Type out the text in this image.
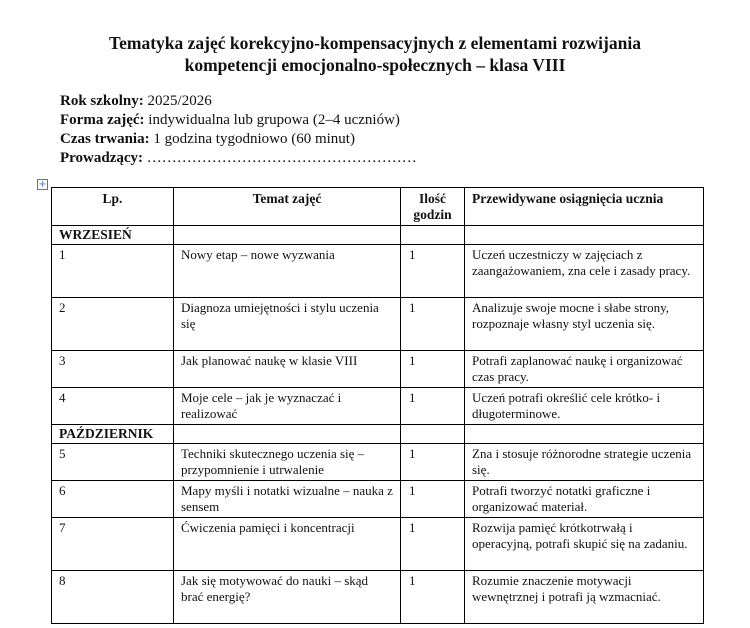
Tematyka zajęć korekcyjno-kompensacyjnych z elementami rozwijania
kompetencji emocjonalno-społecznych – klasa VIII
Rok szkolny: 2025/2026
Forma zajęć: indywidualna lub grupowa (2–4 uczniów)
Czas trwania: 1 godzina tygodniowo (60 minut)
Prowadzący: ………………………………………………
+
Lp.	Temat zajęć	Ilość godzin	Przewidywane osiągnięcia ucznia
WRZESIEŃ			
1	Nowy etap – nowe wyzwania	1	Uczeń uczestniczy w zajęciach z zaangażowaniem, zna cele i zasady pracy.
2	Diagnoza umiejętności i stylu uczenia się	1	Analizuje swoje mocne i słabe strony, rozpoznaje własny styl uczenia się.
3	Jak planować naukę w klasie VIII	1	Potrafi zaplanować naukę i organizować czas pracy.
4	Moje cele – jak je wyznaczać i realizować	1	Uczeń potrafi określić cele krótko- i długoterminowe.
PAŹDZIERNIK			
5	Techniki skutecznego uczenia się – przypomnienie i utrwalenie	1	Zna i stosuje różnorodne strategie uczenia się.
6	Mapy myśli i notatki wizualne – nauka z sensem	1	Potrafi tworzyć notatki graficzne i organizować materiał.
7	Ćwiczenia pamięci i koncentracji	1	Rozwija pamięć krótkotrwałą i operacyjną, potrafi skupić się na zadaniu.
8	Jak się motywować do nauki – skąd brać energię?	1	Rozumie znaczenie motywacji wewnętrznej i potrafi ją wzmacniać.
